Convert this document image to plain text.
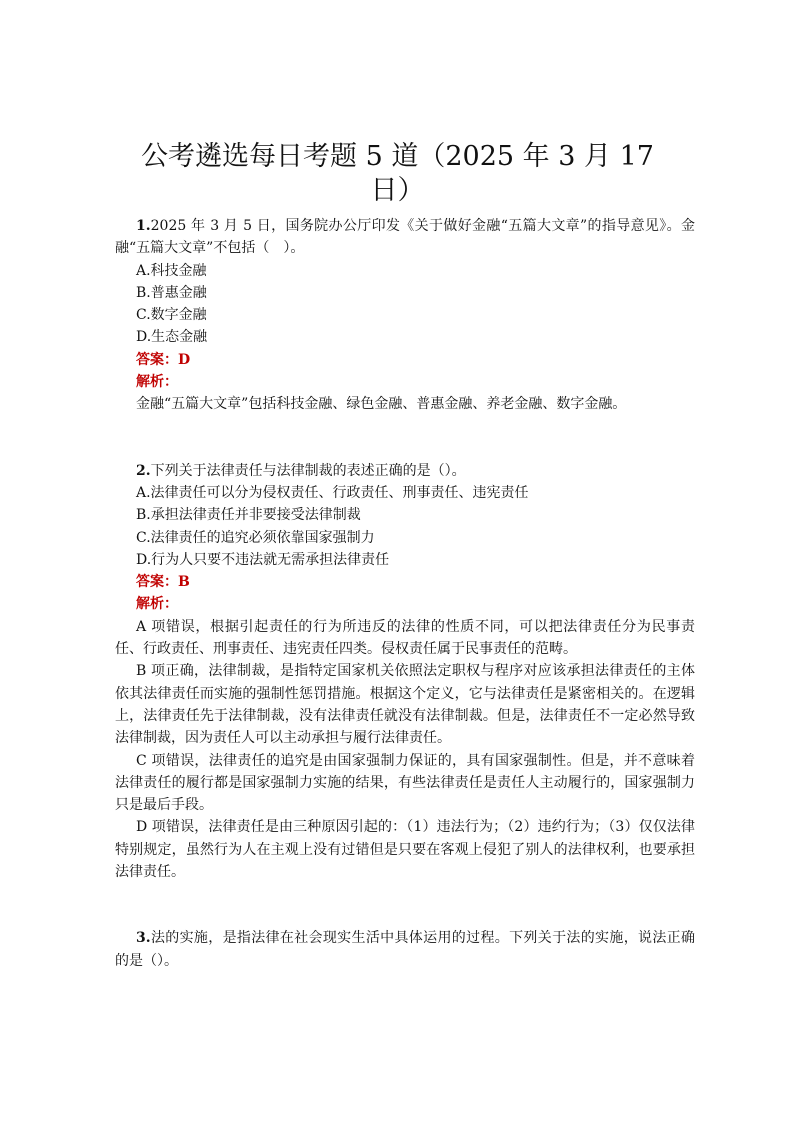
公考遴选每日考题 5 道（2025 年 3 月 17 日）

1.2025 年 3 月 5 日，国务院办公厅印发《关于做好金融“五篇大文章”的指导意见》。金融“五篇大文章”不包括（　）。

A.科技金融

B.普惠金融

C.数字金融

D.生态金融

答案：D

解析：

金融“五篇大文章”包括科技金融、绿色金融、普惠金融、养老金融、数字金融。

2.下列关于法律责任与法律制裁的表述正确的是（）。

A.法律责任可以分为侵权责任、行政责任、刑事责任、违宪责任

B.承担法律责任并非要接受法律制裁

C.法律责任的追究必须依靠国家强制力

D.行为人只要不违法就无需承担法律责任

答案：B

解析：

A 项错误，根据引起责任的行为所违反的法律的性质不同，可以把法律责任分为民事责任、行政责任、刑事责任、违宪责任四类。侵权责任属于民事责任的范畴。

B 项正确，法律制裁，是指特定国家机关依照法定职权与程序对应该承担法律责任的主体依其法律责任而实施的强制性惩罚措施。根据这个定义，它与法律责任是紧密相关的。在逻辑上，法律责任先于法律制裁，没有法律责任就没有法律制裁。但是，法律责任不一定必然导致法律制裁，因为责任人可以主动承担与履行法律责任。

C 项错误，法律责任的追究是由国家强制力保证的，具有国家强制性。但是，并不意味着法律责任的履行都是国家强制力实施的结果，有些法律责任是责任人主动履行的，国家强制力只是最后手段。

D 项错误，法律责任是由三种原因引起的：（1）违法行为；（2）违约行为；（3）仅仅法律特别规定，虽然行为人在主观上没有过错但是只要在客观上侵犯了别人的法律权利，也要承担法律责任。

3.法的实施，是指法律在社会现实生活中具体运用的过程。下列关于法的实施，说法正确的是（）。
